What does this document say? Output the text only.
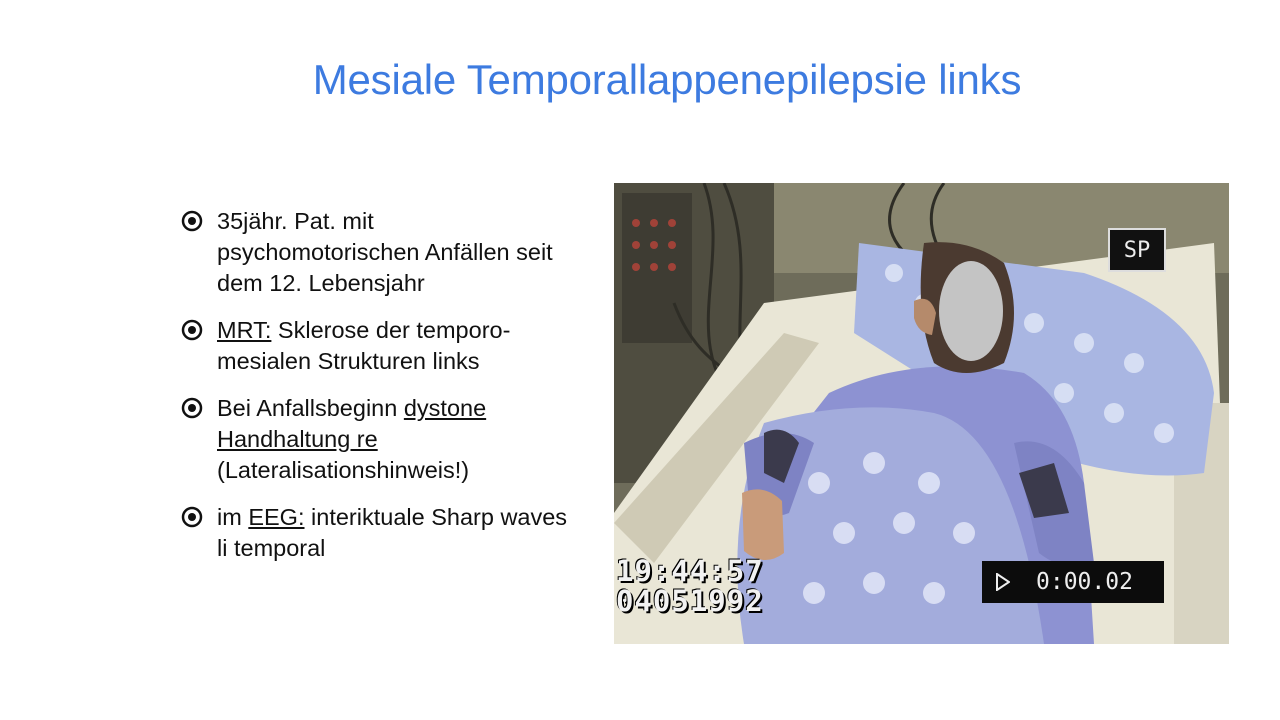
Mesiale Temporallappenepilepsie links
35jähr. Pat. mit psychomotorischen Anfällen seit dem 12. Lebensjahr
MRT: Sklerose der temporo-mesialen Strukturen links
Bei Anfallsbeginn dystone Handhaltung re (Lateralisationshinweis!)
im EEG: interiktuale Sharp waves li temporal
SP
19:44:57
04051992
0:00.02
